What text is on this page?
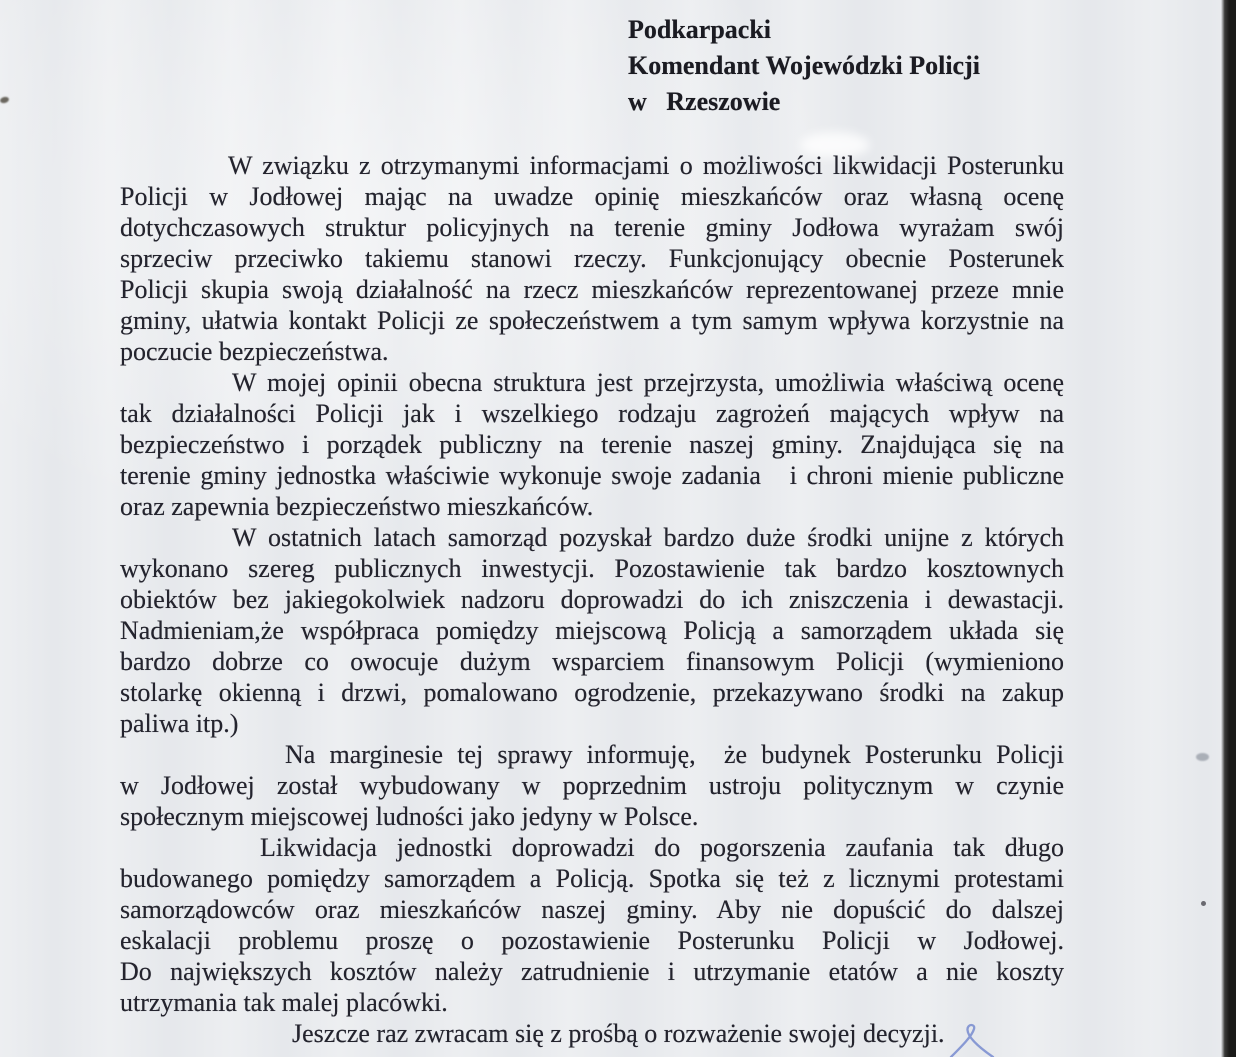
Podkarpacki
Komendant Wojewódzki Policji
w   Rzeszowie
W związku z otrzymanymi informacjami o możliwości likwidacji Posterunku
Policji w Jodłowej mając na uwadze opinię mieszkańców oraz własną ocenę
dotychczasowych struktur policyjnych na terenie gminy Jodłowa wyrażam swój
sprzeciw przeciwko takiemu stanowi rzeczy. Funkcjonujący obecnie Posterunek
Policji skupia swoją działalność na rzecz mieszkańców reprezentowanej przeze mnie
gminy, ułatwia kontakt Policji ze społeczeństwem a tym samym wpływa korzystnie na
poczucie bezpieczeństwa.
W mojej opinii obecna struktura jest przejrzysta, umożliwia właściwą ocenę
tak działalności Policji jak i wszelkiego rodzaju zagrożeń mających wpływ na
bezpieczeństwo i porządek publiczny na terenie naszej gminy. Znajdująca się na
terenie gminy jednostka właściwie wykonuje swoje zadania   i chroni mienie publiczne
oraz zapewnia bezpieczeństwo mieszkańców.
W ostatnich latach samorząd pozyskał bardzo duże środki unijne z których
wykonano szereg publicznych inwestycji. Pozostawienie tak bardzo kosztownych
obiektów bez jakiegokolwiek nadzoru doprowadzi do ich zniszczenia i dewastacji.
Nadmieniam,że współpraca pomiędzy miejscową Policją a samorządem układa się
bardzo dobrze co owocuje dużym wsparciem finansowym Policji (wymieniono
stolarkę okienną i drzwi, pomalowano ogrodzenie, przekazywano środki na zakup
paliwa itp.)
Na marginesie tej sprawy informuję,  że budynek Posterunku Policji
w Jodłowej został wybudowany w poprzednim ustroju politycznym w czynie
społecznym miejscowej ludności jako jedyny w Polsce.
Likwidacja jednostki doprowadzi do pogorszenia zaufania tak długo
budowanego pomiędzy samorządem a Policją. Spotka się też z licznymi protestami
samorządowców oraz mieszkańców naszej gminy. Aby nie dopuścić do dalszej
eskalacji problemu proszę o pozostawienie Posterunku Policji w Jodłowej.
Do największych kosztów należy zatrudnienie i utrzymanie etatów a nie koszty
utrzymania tak malej placówki.
Jeszcze raz zwracam się z prośbą o rozważenie swojej decyzji.
